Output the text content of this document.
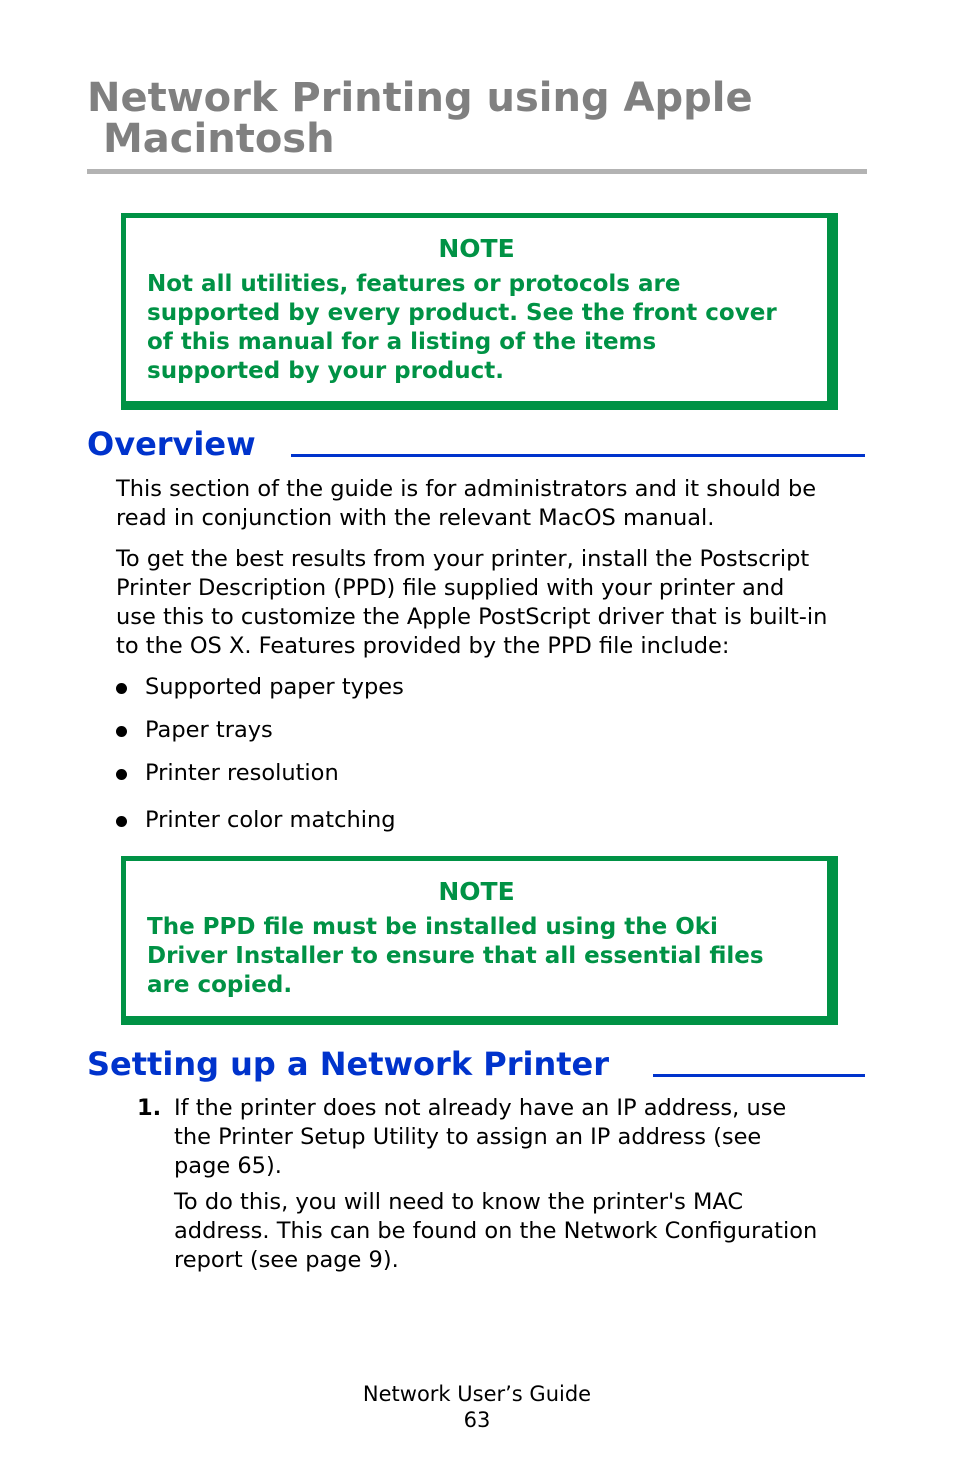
Network Printing using Apple
Macintosh
NOTE

Not all utilities, features or protocols are
supported by every product. See the front cover
of this manual for a listing of the items
supported by your product.

Overview

This section of the guide is for administrators and it should be
read in conjunction with the relevant MacOS manual.

To get the best results from your printer, install the Postscript
Printer Description (PPD) file supplied with your printer and
use this to customize the Apple PostScript driver that is built-in
to the OS X. Features provided by the PPD file include:

Supported paper types
Paper trays
Printer resolution
Printer color matching
NOTE

The PPD file must be installed using the Oki
Driver Installer to ensure that all essential files
are copied.

Setting up a Network Printer
1. If the printer does not already have an IP address, use
the Printer Setup Utility to assign an IP address (see
page 65).

To do this, you will need to know the printer's MAC
address. This can be found on the Network Configuration
report (see page 9).

Network User’s Guide
63
